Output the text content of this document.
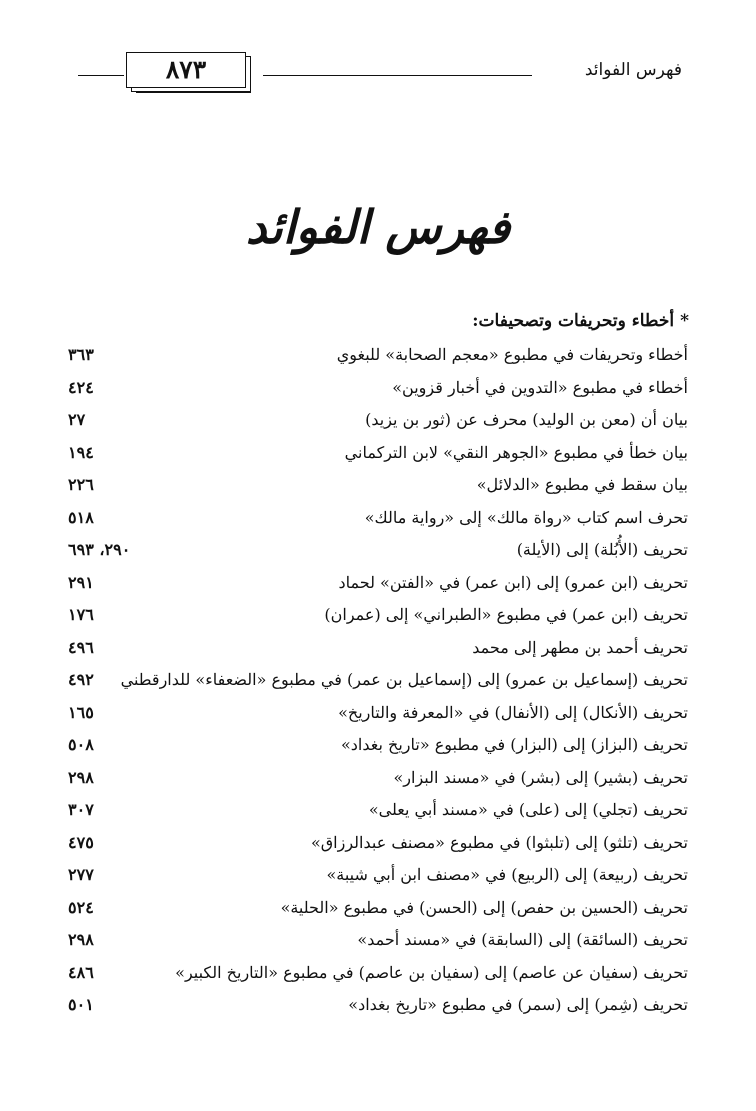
٨٧٣	فهرس الفوائد
فهرس الفوائد
*أخطاء وتحريفات وتصحيفات:
أخطاء وتحريفات في مطبوع «معجم الصحابة» للبغوي
٣٦٣
أخطاء في مطبوع «التدوين في أخبار قزوين»
٤٢٤
بيان أن (معن بن الوليد) محرف عن (ثور بن يزيد)
٢٧
بيان خطأ في مطبوع «الجوهر النقي» لابن التركماني
١٩٤
بيان سقط في مطبوع «الدلائل»
٢٢٦
تحرف اسم كتاب «رواة مالك» إلى «رواية مالك»
٥١٨
تحريف (الأُبُلة) إلى (الأيلة)
٢٩٠، ٦٩٣
تحريف (ابن عمرو) إلى (ابن عمر) في «الفتن» لحماد
٢٩١
تحريف (ابن عمر) في مطبوع «الطبراني» إلى (عمران)
١٧٦
تحريف أحمد بن مطهر إلى محمد
٤٩٦
تحريف (إسماعيل بن عمرو) إلى (إسماعيل بن عمر) في مطبوع «الضعفاء» للدارقطني
٤٩٢
تحريف (الأنكال) إلى (الأنفال) في «المعرفة والتاريخ»
١٦٥
تحريف (البزاز) إلى (البزار) في مطبوع «تاريخ بغداد»
٥٠٨
تحريف (بشير) إلى (بشر) في «مسند البزار»
٢٩٨
تحريف (تجلي) إلى (على) في «مسند أبي يعلى»
٣٠٧
تحريف (تلثو) إلى (تلبثوا) في مطبوع «مصنف عبدالرزاق»
٤٧٥
تحريف (ربيعة) إلى (الربيع) في «مصنف ابن أبي شيبة»
٢٧٧
تحريف (الحسين بن حفص) إلى (الحسن) في مطبوع «الحلية»
٥٢٤
تحريف (السائقة) إلى (السابقة) في «مسند أحمد»
٢٩٨
تحريف (سفيان عن عاصم) إلى (سفيان بن عاصم) في مطبوع «التاريخ الكبير»
٤٨٦
تحريف (شِمر) إلى (سمر) في مطبوع «تاريخ بغداد»
٥٠١
